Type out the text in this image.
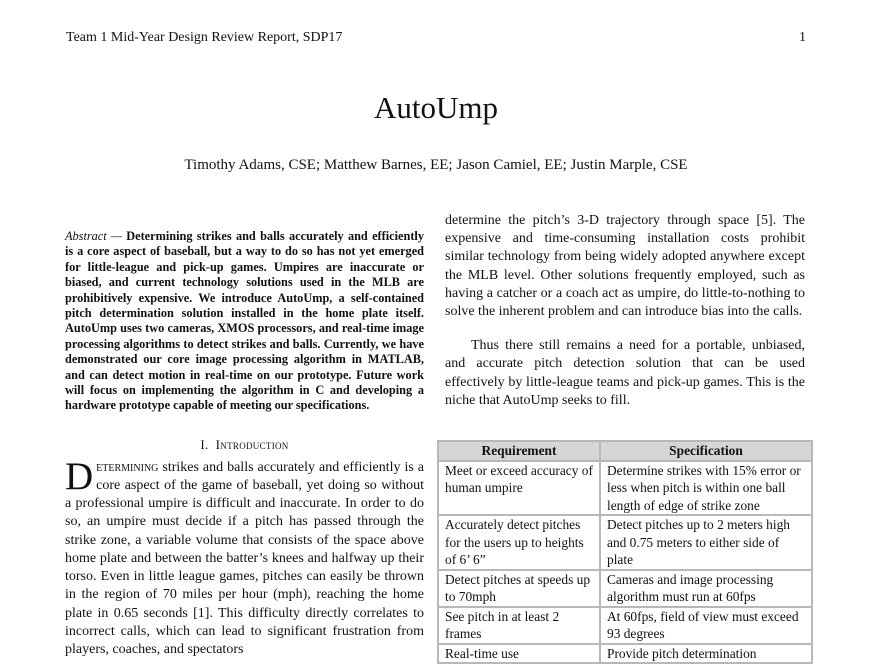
Team 1 Mid-Year Design Review Report, SDP17	1
AutoUmp
Timothy Adams, CSE; Matthew Barnes, EE; Jason Camiel, EE; Justin Marple, CSE
Abstract — Determining strikes and balls accurately and efficiently is a core aspect of baseball, but a way to do so has not yet emerged for little-league and pick-up games. Umpires are inaccurate or biased, and current technology solutions used in the MLB are prohibitively expensive. We introduce AutoUmp, a self-contained pitch determination solution installed in the home plate itself. AutoUmp uses two cameras, XMOS processors, and real-time image processing algorithms to detect strikes and balls. Currently, we have demonstrated our core image processing algorithm in MATLAB, and can detect motion in real-time on our prototype. Future work will focus on implementing the algorithm in C and developing a hardware prototype capable of meeting our specifications.
I. Introduction
Determining strikes and balls accurately and efficiently is a core aspect of the game of baseball, yet doing so without a professional umpire is difficult and inaccurate. In order to do so, an umpire must decide if a pitch has passed through the strike zone, a variable volume that consists of the space above home plate and between the batter’s knees and halfway up their torso. Even in little league games, pitches can easily be thrown in the region of 70 miles per hour (mph), reaching the home plate in 0.65 seconds [1]. This difficulty directly correlates to incorrect calls, which can lead to significant frustration from players, coaches, and spectators
determine the pitch’s 3-D trajectory through space [5]. The expensive and time-consuming installation costs prohibit similar technology from being widely adopted anywhere except the MLB level. Other solutions frequently employed, such as having a catcher or a coach act as umpire, do little-to-nothing to solve the inherent problem and can introduce bias into the calls.
Thus there still remains a need for a portable, unbiased, and accurate pitch detection solution that can be used effectively by little-league teams and pick-up games. This is the niche that AutoUmp seeks to fill.
Requirement	Specification
Meet or exceed accuracy of human umpire	Determine strikes with 15% error or less when pitch is within one ball length of edge of strike zone
Accurately detect pitches for the users up to heights of 6’ 6”	Detect pitches up to 2 meters high and 0.75 meters to either side of plate
Detect pitches at speeds up to 70mph	Cameras and image processing algorithm must run at 60fps
See pitch in at least 2 frames	At 60fps, field of view must exceed 93 degrees
Real-time use	Provide pitch determination
